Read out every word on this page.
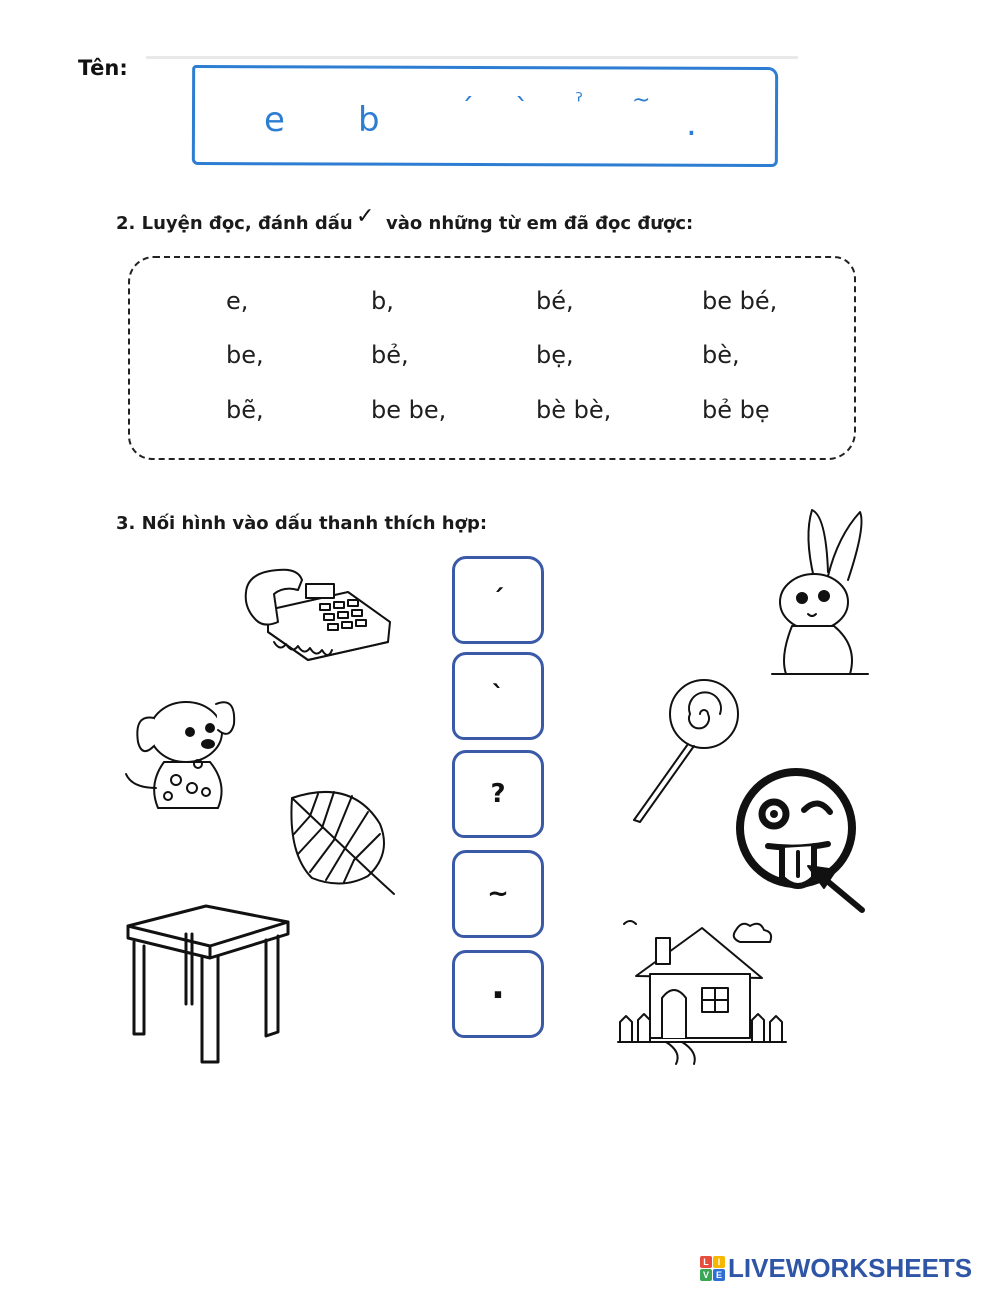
Tên:
e b	´ ` ˀ ~
.
2. Luyện đọc, đánh dấu ✓ vào những từ em đã đọc được:
e,	b,	bé,	be bé,
be,	bẻ,	bẹ,	bè,
bẽ,	be be,	bè bè,	bẻ bẹ
3. Nối hình vào dấu thanh thích hợp:
ˊ
ˋ
?
~
.
L I
V E LIVEWORKSHEETS
